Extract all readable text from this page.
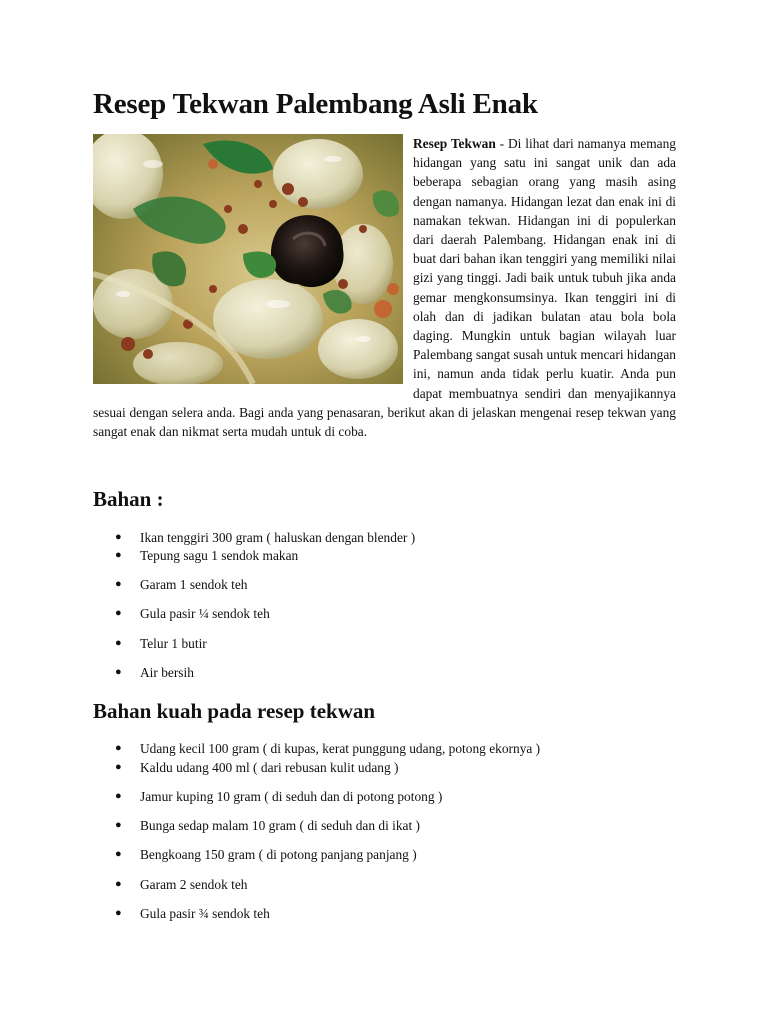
Resep Tekwan Palembang Asli Enak
Resep Tekwan - Di lihat dari namanya memang hidangan yang satu ini sangat unik dan ada beberapa sebagian orang yang masih asing dengan namanya. Hidangan lezat dan enak ini di namakan tekwan. Hidangan ini di populerkan dari daerah Palembang. Hidangan enak ini di buat dari bahan ikan tenggiri yang memiliki nilai gizi yang tinggi. Jadi baik untuk tubuh jika anda gemar mengkonsumsinya. Ikan tenggiri ini di olah dan di jadikan bulatan atau bola bola daging. Mungkin untuk bagian wilayah luar Palembang sangat susah untuk mencari hidangan ini, namun anda tidak perlu kuatir. Anda pun dapat membuatnya sendiri dan menyajikannya sesuai dengan selera anda. Bagi anda yang penasaran, berikut akan di jelaskan mengenai resep tekwan yang sangat enak dan nikmat serta mudah untuk di coba.
Bahan :
● Ikan tenggiri 300 gram ( haluskan dengan blender )
● Tepung sagu 1 sendok makan
● Garam 1 sendok teh
● Gula pasir ¼ sendok teh
● Telur 1 butir
● Air bersih
Bahan kuah pada resep tekwan
● Udang kecil 100 gram ( di kupas, kerat punggung udang, potong ekornya )
● Kaldu udang 400 ml ( dari rebusan kulit udang )
● Jamur kuping 10 gram ( di seduh dan di potong potong )
● Bunga sedap malam 10 gram ( di seduh dan di ikat )
● Bengkoang 150 gram ( di potong panjang panjang )
● Garam 2 sendok teh
● Gula pasir ¾ sendok teh
